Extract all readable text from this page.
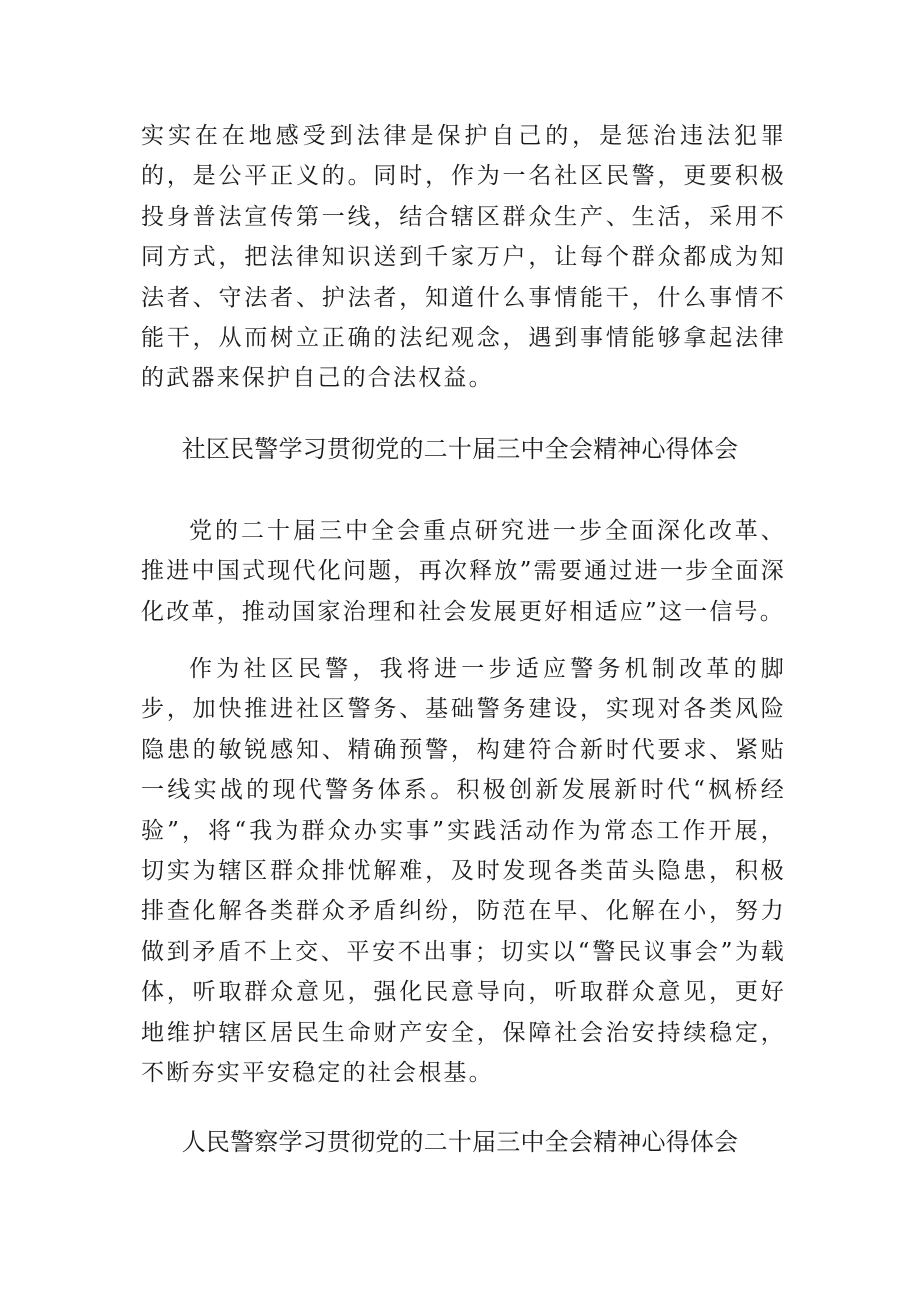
实实在在地感受到法律是保护自己的，是惩治违法犯罪的，是公平正义的。同时，作为一名社区民警，更要积极投身普法宣传第一线，结合辖区群众生产、生活，采用不同方式，把法律知识送到千家万户，让每个群众都成为知法者、守法者、护法者，知道什么事情能干，什么事情不能干，从而树立正确的法纪观念，遇到事情能够拿起法律的武器来保护自己的合法权益。

社区民警学习贯彻党的二十届三中全会精神心得体会

党的二十届三中全会重点研究进一步全面深化改革、推进中国式现代化问题，再次释放”需要通过进一步全面深化改革，推动国家治理和社会发展更好相适应”这一信号。

作为社区民警，我将进一步适应警务机制改革的脚步，加快推进社区警务、基础警务建设，实现对各类风险隐患的敏锐感知、精确预警，构建符合新时代要求、紧贴一线实战的现代警务体系。积极创新发展新时代“枫桥经验”，将“我为群众办实事”实践活动作为常态工作开展，切实为辖区群众排忧解难，及时发现各类苗头隐患，积极排查化解各类群众矛盾纠纷，防范在早、化解在小，努力做到矛盾不上交、平安不出事；切实以“警民议事会”为载体，听取群众意见，强化民意导向，听取群众意见，更好地维护辖区居民生命财产安全，保障社会治安持续稳定，不断夯实平安稳定的社会根基。

人民警察学习贯彻党的二十届三中全会精神心得体会
